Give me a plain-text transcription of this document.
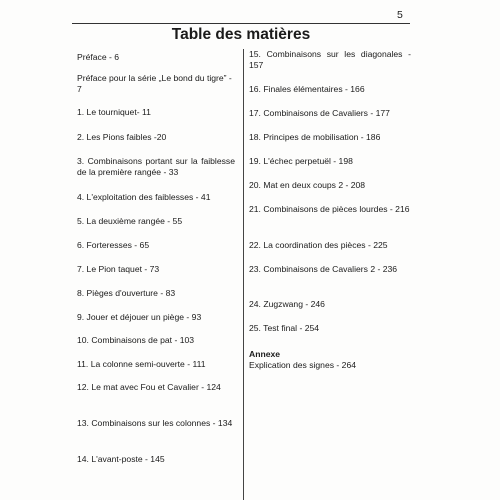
5
Table des matières

Préface - 6

Préface pour la série „Le bond du tigre” - 7

1. Le tourniquet- 11

2. Les Pions faibles -20

3. Combinaisons portant sur la faiblesse de la première rangée - 33

4. L'exploitation des faiblesses - 41

5. La deuxième rangée - 55

6. Forteresses - 65

7. Le Pion taquet - 73

8. Pièges d'ouverture - 83

9. Jouer et déjouer un piège - 93

10. Combinaisons de pat - 103

11. La colonne semi-ouverte - 111

12. Le mat avec Fou et Cavalier - 124

13. Combinaisons sur les colonnes - 134

14. L'avant-poste - 145

15. Combinaisons sur les diagonales - 157

16. Finales élémentaires - 166

17. Combinaisons de Cavaliers - 177

18. Principes de mobilisation - 186

19. L'échec perpetuël - 198

20. Mat en deux coups 2 - 208

21. Combinaisons de pièces lourdes - 216

22. La coordination des pièces - 225

23. Combinaisons de Cavaliers 2 - 236

24. Zugzwang - 246

25. Test final - 254

Annexe
Explication des signes - 264
